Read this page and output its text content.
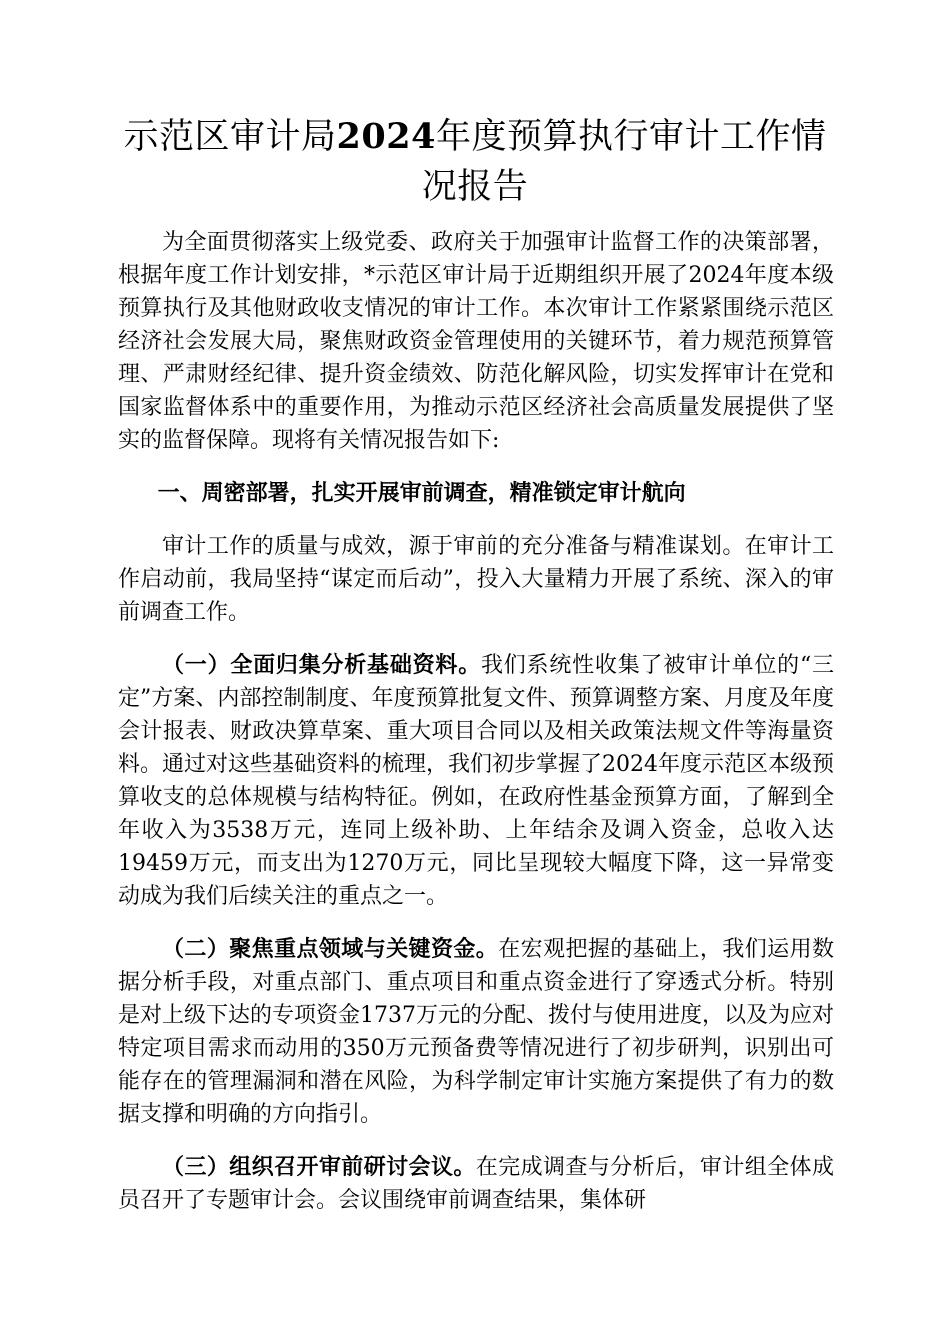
示范区审计局2024年度预算执行审计工作情况报告

为全面贯彻落实上级党委、政府关于加强审计监督工作的决策部署，根据年度工作计划安排，*示范区审计局于近期组织开展了2024年度本级预算执行及其他财政收支情况的审计工作。本次审计工作紧紧围绕示范区经济社会发展大局，聚焦财政资金管理使用的关键环节，着力规范预算管理、严肃财经纪律、提升资金绩效、防范化解风险，切实发挥审计在党和国家监督体系中的重要作用，为推动示范区经济社会高质量发展提供了坚实的监督保障。现将有关情况报告如下:

一、周密部署，扎实开展审前调查，精准锁定审计航向

审计工作的质量与成效，源于审前的充分准备与精准谋划。在审计工作启动前，我局坚持“谋定而后动”，投入大量精力开展了系统、深入的审前调查工作。

（一）全面归集分析基础资料。我们系统性收集了被审计单位的“三定”方案、内部控制制度、年度预算批复文件、预算调整方案、月度及年度会计报表、财政决算草案、重大项目合同以及相关政策法规文件等海量资料。通过对这些基础资料的梳理，我们初步掌握了2024年度示范区本级预算收支的总体规模与结构特征。例如，在政府性基金预算方面，了解到全年收入为3538万元，连同上级补助、上年结余及调入资金，总收入达19459万元，而支出为1270万元，同比呈现较大幅度下降，这一异常变动成为我们后续关注的重点之一。

（二）聚焦重点领域与关键资金。在宏观把握的基础上，我们运用数据分析手段，对重点部门、重点项目和重点资金进行了穿透式分析。特别是对上级下达的专项资金1737万元的分配、拨付与使用进度，以及为应对特定项目需求而动用的350万元预备费等情况进行了初步研判，识别出可能存在的管理漏洞和潜在风险，为科学制定审计实施方案提供了有力的数据支撑和明确的方向指引。

（三）组织召开审前研讨会议。在完成调查与分析后，审计组全体成员召开了专题审计会。会议围绕审前调查结果，集体研
